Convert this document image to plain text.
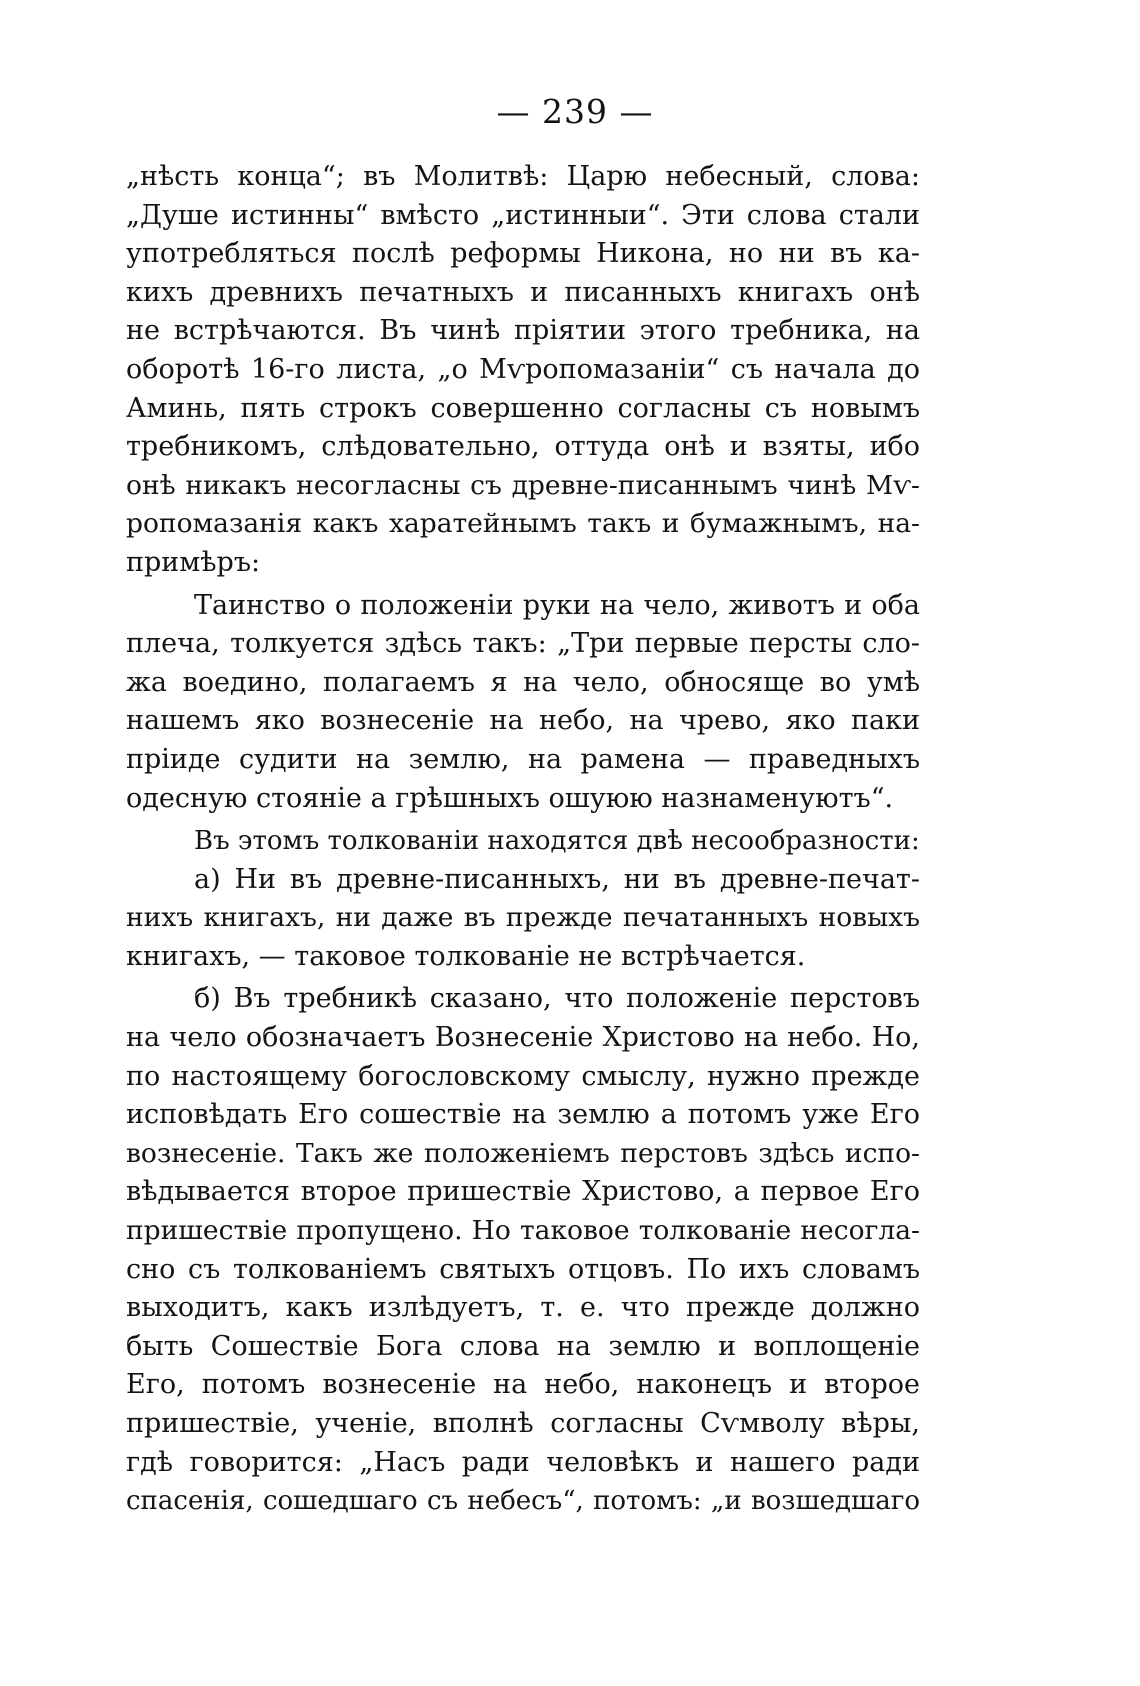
— 239 —
„нѣсть конца“; въ Молитвѣ: Царю небесный, слова:
„Душе истинны“ вмѣсто „истинныи“. Эти слова стали
употребляться послѣ реформы Никона, но ни въ ка-
кихъ древнихъ печатныхъ и писанныхъ книгахъ онѣ
не встрѣчаются. Въ чинѣ пріятии этого требника, на
оборотѣ 16-го листа, „о Мѵропомазаніи“ съ начала до
Аминь, пять строкъ совершенно согласны съ новымъ
требникомъ, слѣдовательно, оттуда онѣ и взяты, ибо
онѣ никакъ несогласны съ древне-писаннымъ чинѣ Мѵ-
ропомазанія какъ харатейнымъ такъ и бумажнымъ, на-
примѣръ:
Таинство о положеніи руки на чело, животъ и оба
плеча, толкуется здѣсь такъ: „Три первые персты сло-
жа воедино, полагаемъ я на чело, обносяще во умѣ
нашемъ яко вознесеніе на небо, на чрево, яко паки
пріиде судити на землю, на рамена — праведныхъ
одесную стояніе а грѣшныхъ ошуюю назнаменуютъ“.
Въ этомъ толкованіи находятся двѣ несообразности:
а) Ни въ древне-писанныхъ, ни въ древне-печат-
нихъ книгахъ, ни даже въ прежде печатанныхъ новыхъ
книгахъ, — таковое толкованіе не встрѣчается.
б) Въ требникѣ сказано, что положеніе перстовъ
на чело обозначаетъ Вознесеніе Христово на небо. Но,
по настоящему богословскому смыслу, нужно прежде
исповѣдать Его сошествіе на землю а потомъ уже Его
вознесеніе. Такъ же положеніемъ перстовъ здѣсь испо-
вѣдывается второе пришествіе Христово, а первое Его
пришествіе пропущено. Но таковое толкованіе несогла-
сно съ толкованіемъ святыхъ отцовъ. По ихъ словамъ
выходитъ, какъ излѣдуетъ, т. е. что прежде должно
быть Сошествіе Бога слова на землю и воплощеніе
Его, потомъ вознесеніе на небо, наконецъ и второе
пришествіе, ученіе, вполнѣ согласны Сѵмволу вѣры,
гдѣ говорится: „Насъ ради человѣкъ и нашего ради
спасенія, сошедшаго съ небесъ“, потомъ: „и возшедшаго
